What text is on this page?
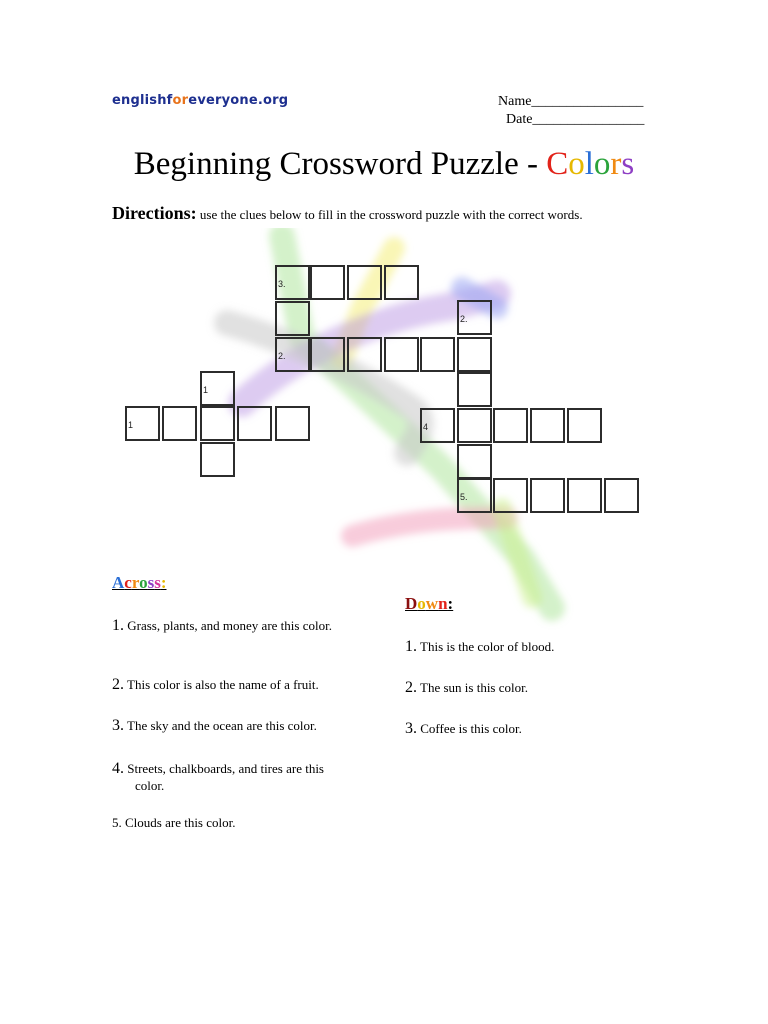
englishforeveryone.org	Name________________
Date________________
Beginning Crossword Puzzle - Colors
Directions: use the clues below to fill in the crossword puzzle with the correct words.
3.
2.
2.
1
1
4
5.
Across:
Down:
1. Grass, plants, and money are this color.
2. This color is also the name of a fruit.
3. The sky and the ocean are this color.
4. Streets, chalkboards, and tires are this
color.
5. Clouds are this color.
1. This is the color of blood.
2. The sun is this color.
3. Coffee is this color.
